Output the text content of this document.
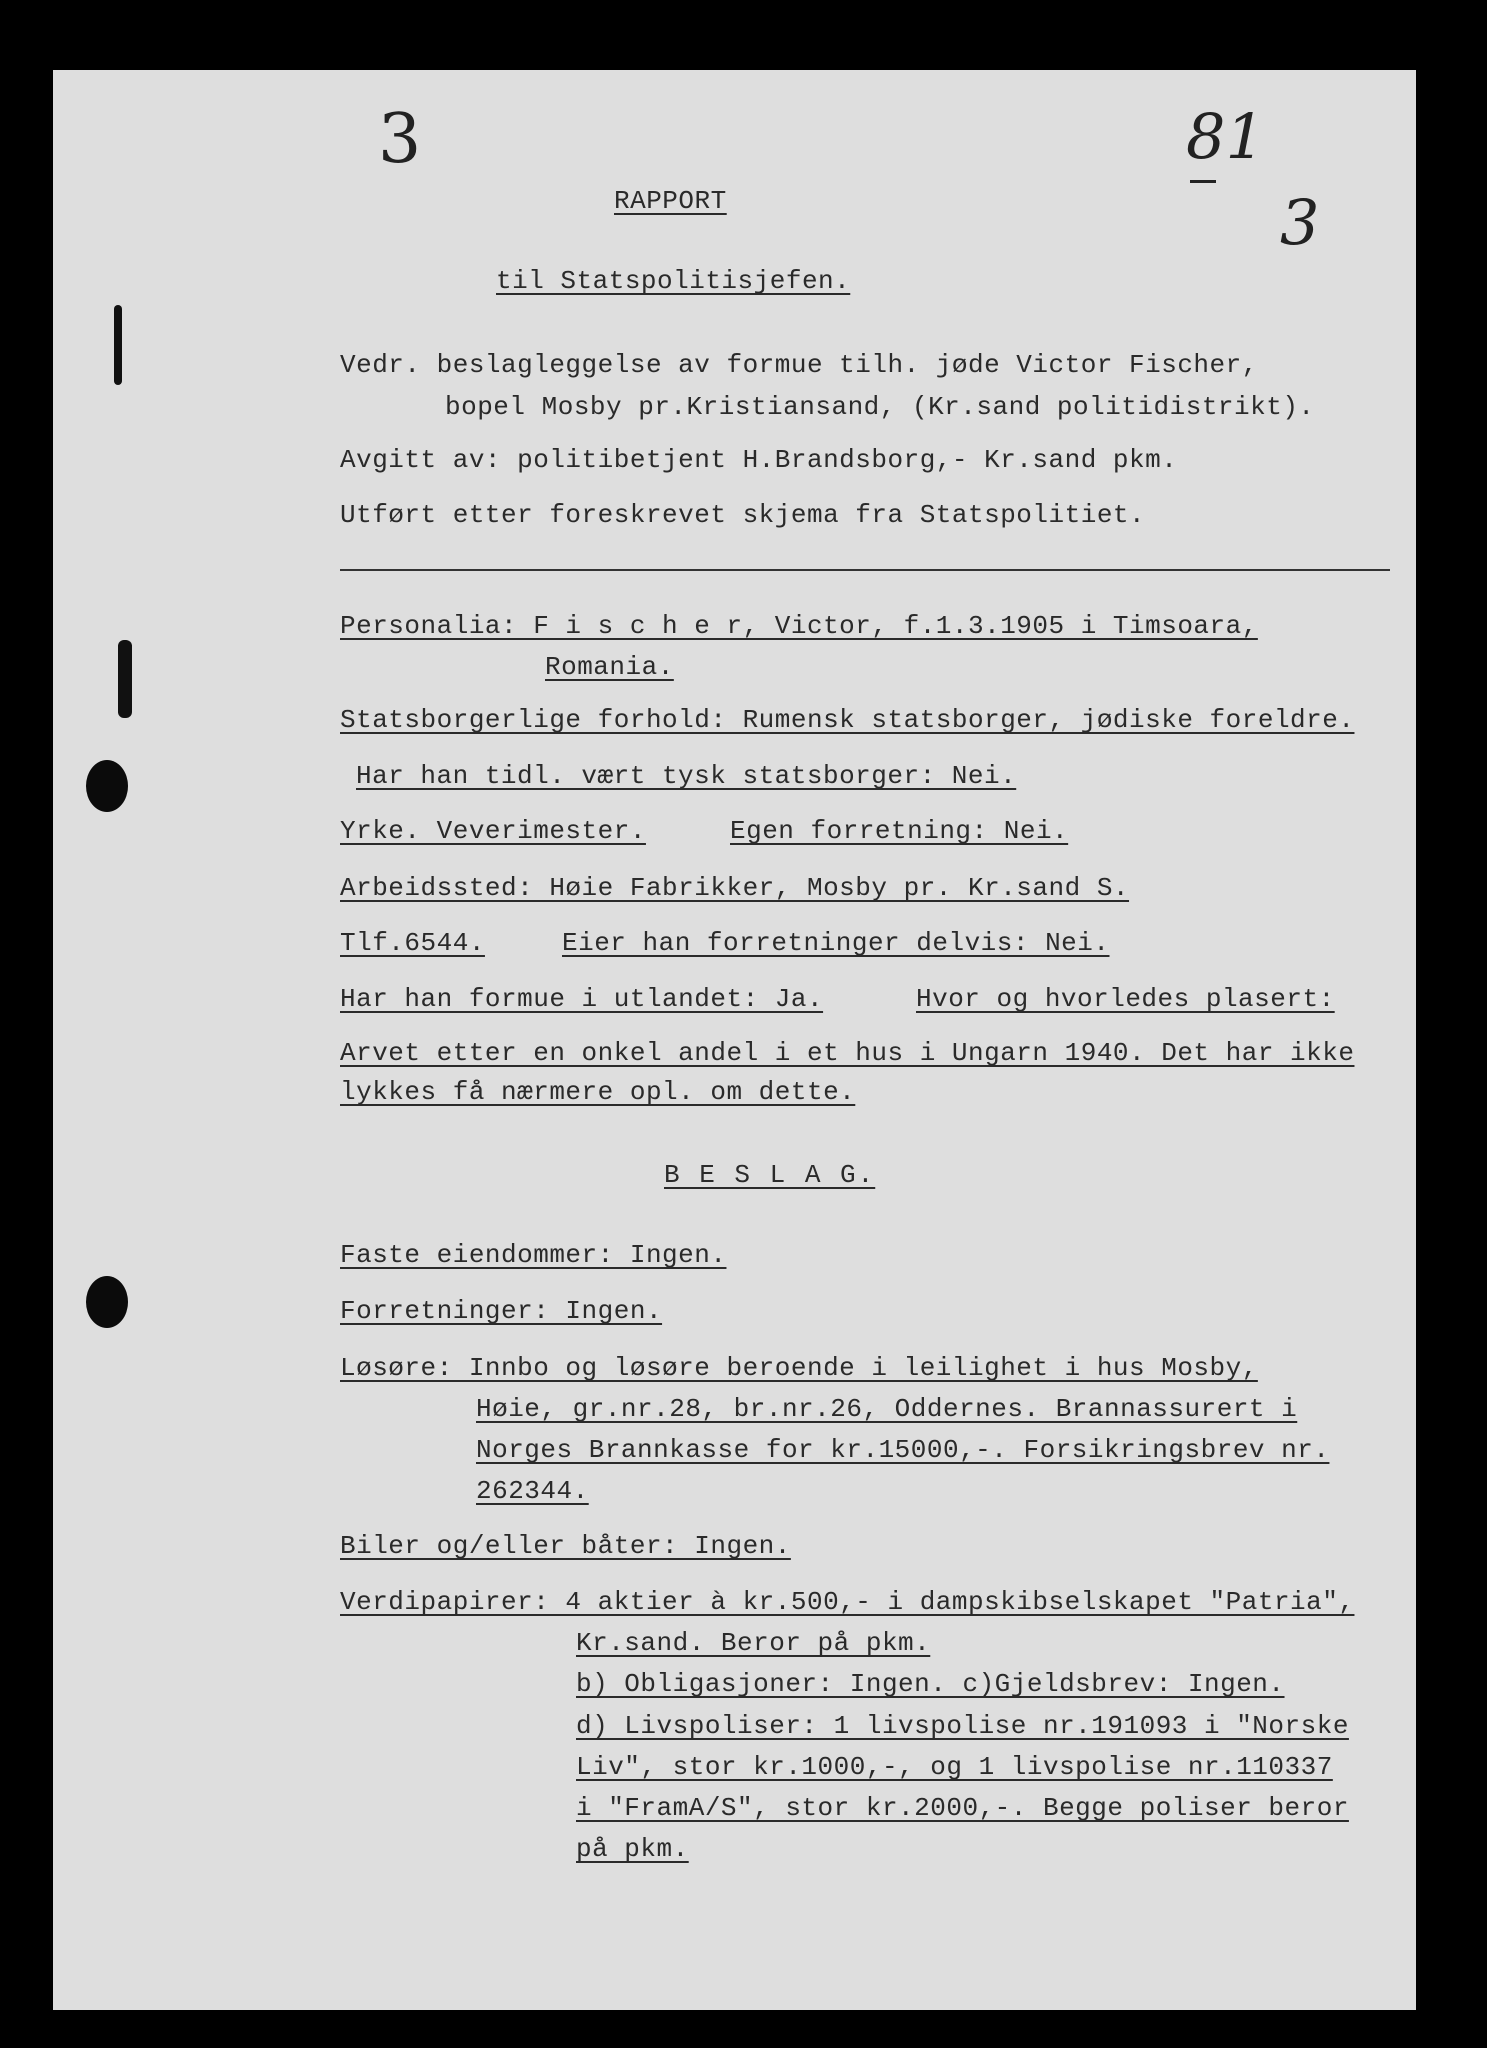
3	81
3
RAPPORT
til Statspolitisjefen.
Vedr. beslagleggelse av formue tilh. jøde Victor Fischer,
bopel Mosby pr.Kristiansand, (Kr.sand politidistrikt).
Avgitt av: politibetjent H.Brandsborg,- Kr.sand pkm.
Utført etter foreskrevet skjema fra Statspolitiet.
Personalia: F i s c h e r, Victor, f.1.3.1905 i Timsoara,
Romania.
Statsborgerlige forhold: Rumensk statsborger, jødiske foreldre.
Har han tidl. vært tysk statsborger: Nei.
Yrke. Veverimester.	Egen forretning: Nei.
Arbeidssted: Høie Fabrikker, Mosby pr. Kr.sand S.
Tlf.6544.	Eier han forretninger delvis: Nei.
Har han formue i utlandet: Ja.	Hvor og hvorledes plasert:
Arvet etter en onkel andel i et hus i Ungarn 1940. Det har ikke
lykkes få nærmere opl. om dette.
B E S L A G.
Faste eiendommer: Ingen.
Forretninger: Ingen.
Løsøre: Innbo og løsøre beroende i leilighet i hus Mosby,
Høie, gr.nr.28, br.nr.26, Oddernes. Brannassurert i
Norges Brannkasse for kr.15000,-. Forsikringsbrev nr.
262344.
Biler og/eller båter: Ingen.
Verdipapirer: 4 aktier à kr.500,- i dampskibselskapet "Patria",
Kr.sand. Beror på pkm.
b) Obligasjoner: Ingen. c)Gjeldsbrev: Ingen.
d) Livspoliser: 1 livspolise nr.191093 i "Norske
Liv", stor kr.1000,-, og 1 livspolise nr.110337
i "FramA/S", stor kr.2000,-. Begge poliser beror
på pkm.
